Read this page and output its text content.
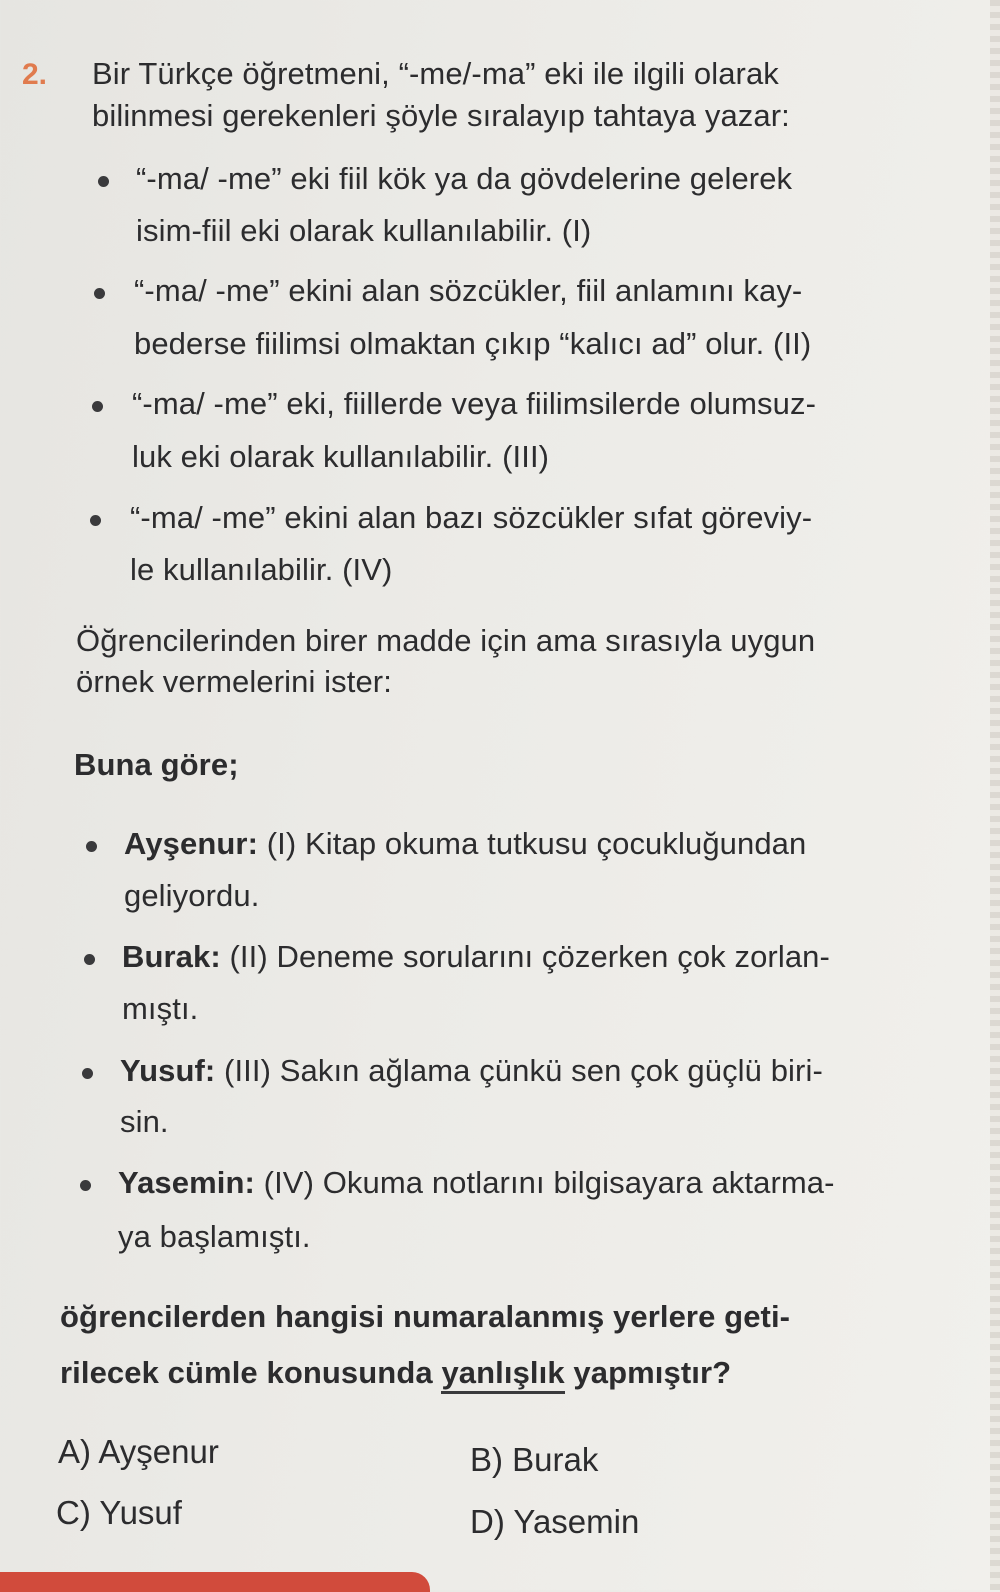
2. Bir Türkçe öğretmeni, “-me/-ma” eki ile ilgili olarak
bilinmesi gerekenleri şöyle sıralayıp tahtaya yazar:
“-ma/ -me” eki fiil kök ya da gövdelerine gelerek
isim-fiil eki olarak kullanılabilir. (I)
“-ma/ -me” ekini alan sözcükler, fiil anlamını kay-
bederse fiilimsi olmaktan çıkıp “kalıcı ad” olur. (II)
“-ma/ -me” eki, fiillerde veya fiilimsilerde olumsuz-
luk eki olarak kullanılabilir. (III)
“-ma/ -me” ekini alan bazı sözcükler sıfat göreviy-
le kullanılabilir. (IV)
Öğrencilerinden birer madde için ama sırasıyla uygun
örnek vermelerini ister:
Buna göre;
Ayşenur: (I) Kitap okuma tutkusu çocukluğundan
geliyordu.
Burak: (II) Deneme sorularını çözerken çok zorlan-
mıştı.
Yusuf: (III) Sakın ağlama çünkü sen çok güçlü biri-
sin.
Yasemin: (IV) Okuma notlarını bilgisayara aktarma-
ya başlamıştı.
öğrencilerden hangisi numaralanmış yerlere geti-
rilecek cümle konusunda yanlışlık yapmıştır?
A) Ayşenur	B) Burak
C) Yusuf	D) Yasemin
